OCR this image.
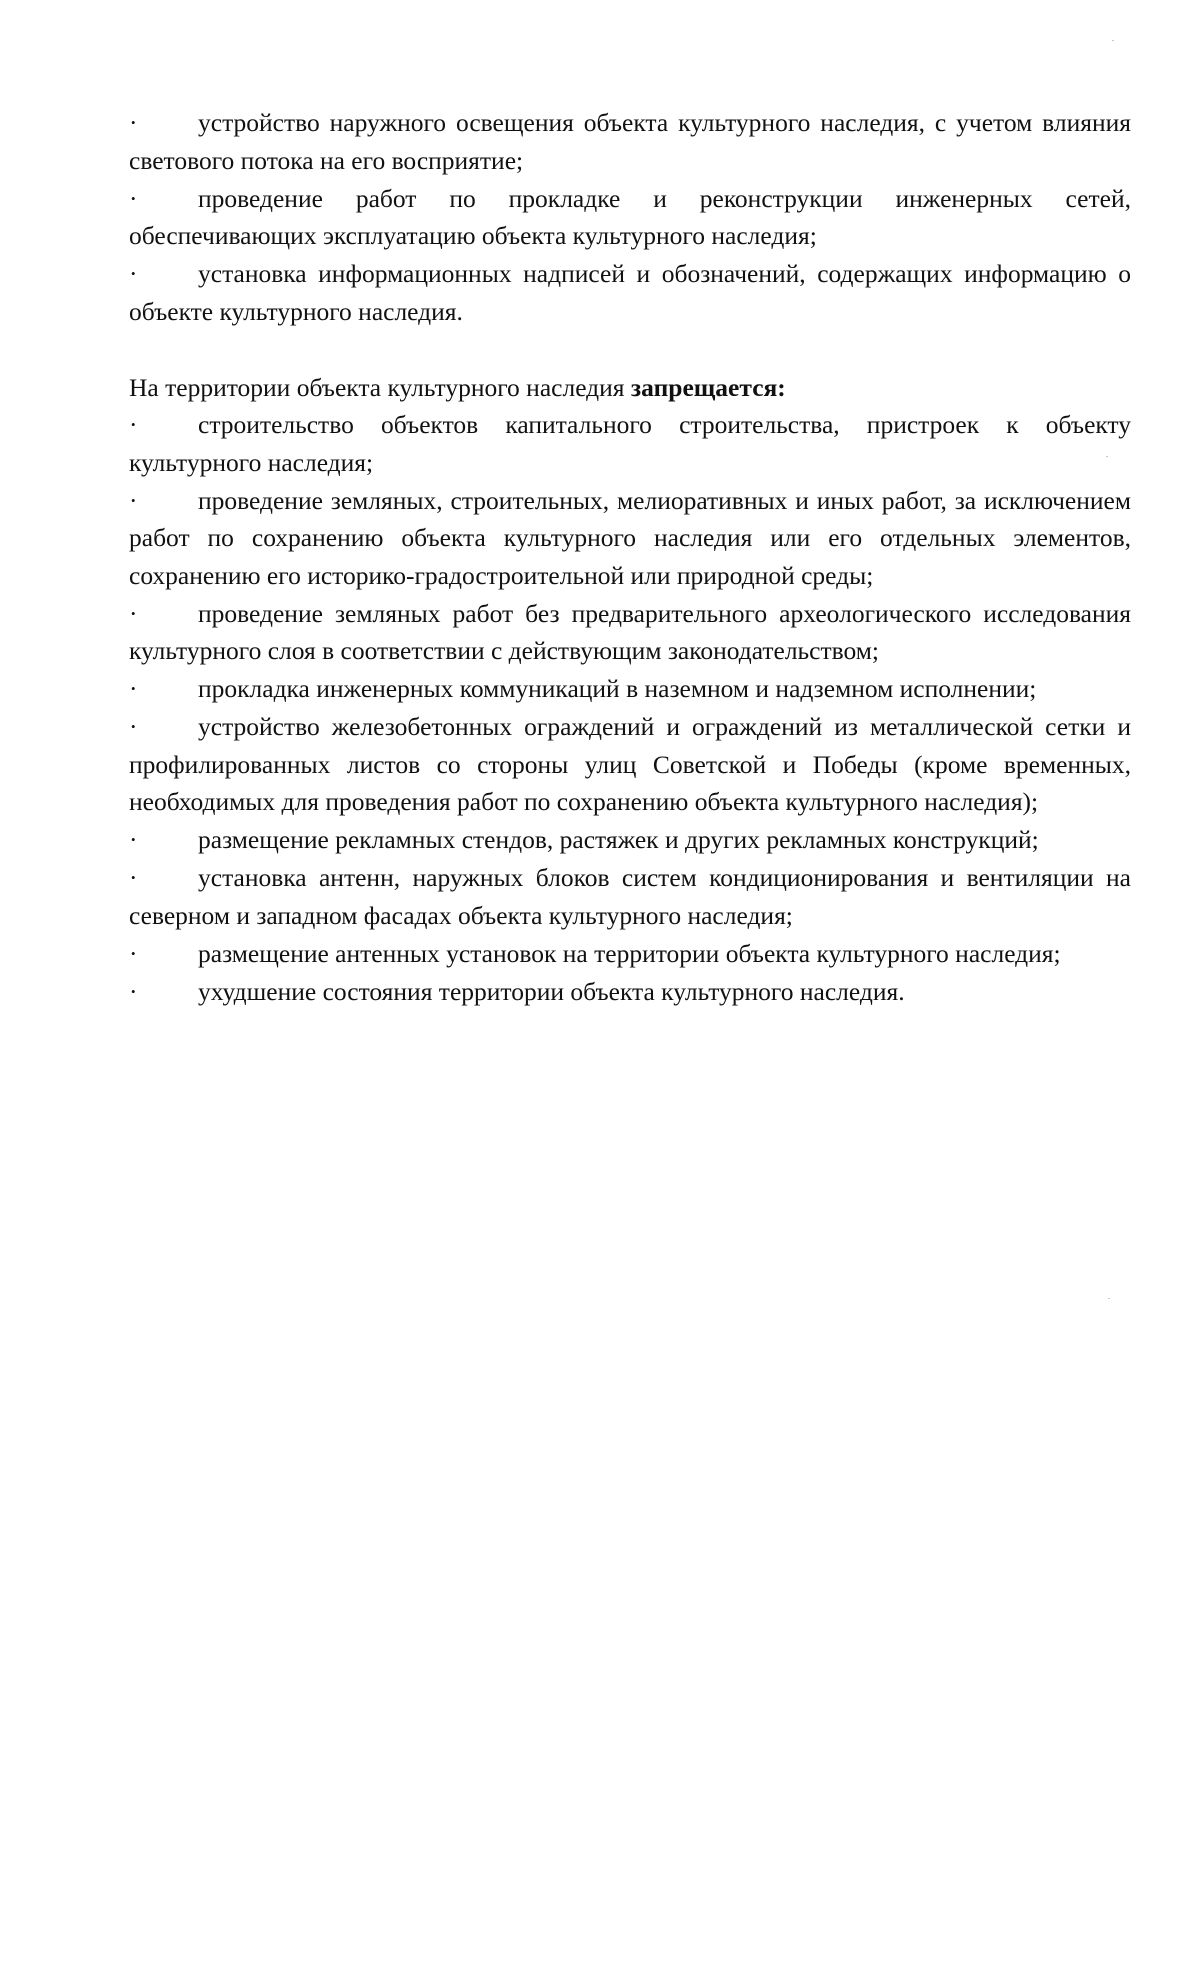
· устройство наружного освещения объекта культурного наследия, с учетом влияния светового потока на его восприятие;

· проведение работ по прокладке и реконструкции инженерных сетей, обеспечивающих эксплуатацию объекта культурного наследия;

· установка информационных надписей и обозначений, содержащих информацию о объекте культурного наследия.

На территории объекта культурного наследия запрещается:

· строительство объектов капитального строительства, пристроек к объекту культурного наследия;

· проведение земляных, строительных, мелиоративных и иных работ, за исключением работ по сохранению объекта культурного наследия или его отдельных элементов, сохранению его историко-градостроительной или природной среды;

· проведение земляных работ без предварительного археологического исследования культурного слоя в соответствии с действующим законодательством;

· прокладка инженерных коммуникаций в наземном и надземном исполнении;

· устройство железобетонных ограждений и ограждений из металлической сетки и профилированных листов со стороны улиц Советской и Победы (кроме временных, необходимых для проведения работ по сохранению объекта культурного наследия);

· размещение рекламных стендов, растяжек и других рекламных конструкций;

· установка антенн, наружных блоков систем кондиционирования и вентиляции на северном и западном фасадах объекта культурного наследия;

· размещение антенных установок на территории объекта культурного наследия;

· ухудшение состояния территории объекта культурного наследия.
